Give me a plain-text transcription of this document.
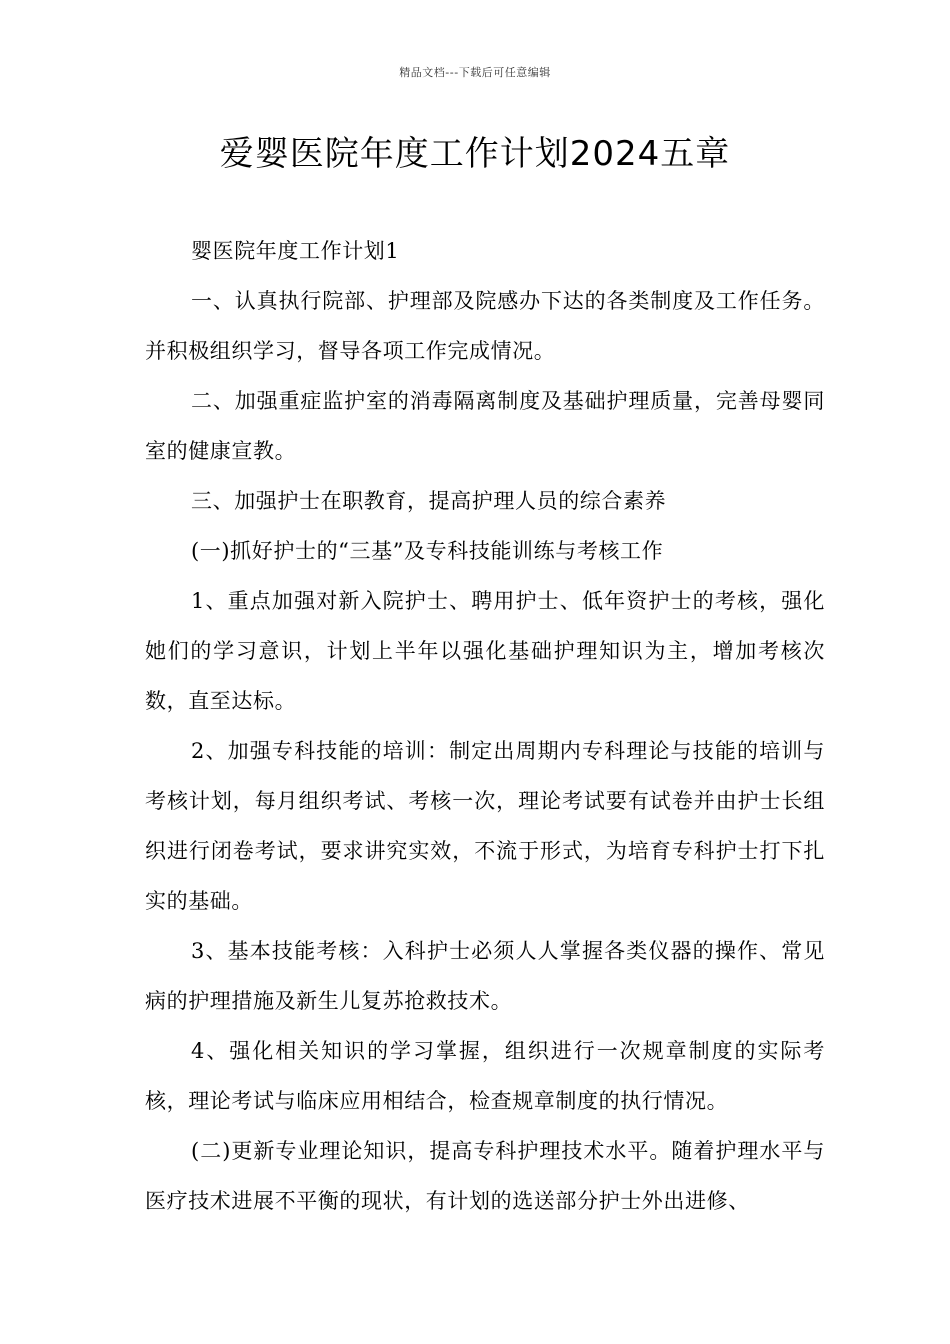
精品文档---下载后可任意编辑
爱婴医院年度工作计划2024五章

婴医院年度工作计划1

一、认真执行院部、护理部及院感办下达的各类制度及工作任务。并积极组织学习，督导各项工作完成情况。

二、加强重症监护室的消毒隔离制度及基础护理质量，完善母婴同室的健康宣教。

三、加强护士在职教育，提高护理人员的综合素养

(一)抓好护士的“三基”及专科技能训练与考核工作

1、重点加强对新入院护士、聘用护士、低年资护士的考核，强化她们的学习意识，计划上半年以强化基础护理知识为主，增加考核次数，直至达标。

2、加强专科技能的培训：制定出周期内专科理论与技能的培训与考核计划，每月组织考试、考核一次，理论考试要有试卷并由护士长组织进行闭卷考试，要求讲究实效，不流于形式，为培育专科护士打下扎实的基础。

3、基本技能考核：入科护士必须人人掌握各类仪器的操作、常见病的护理措施及新生儿复苏抢救技术。

4、强化相关知识的学习掌握，组织进行一次规章制度的实际考核，理论考试与临床应用相结合，检查规章制度的执行情况。

(二)更新专业理论知识，提高专科护理技术水平。随着护理水平与医疗技术进展不平衡的现状，有计划的选送部分护士外出进修、
